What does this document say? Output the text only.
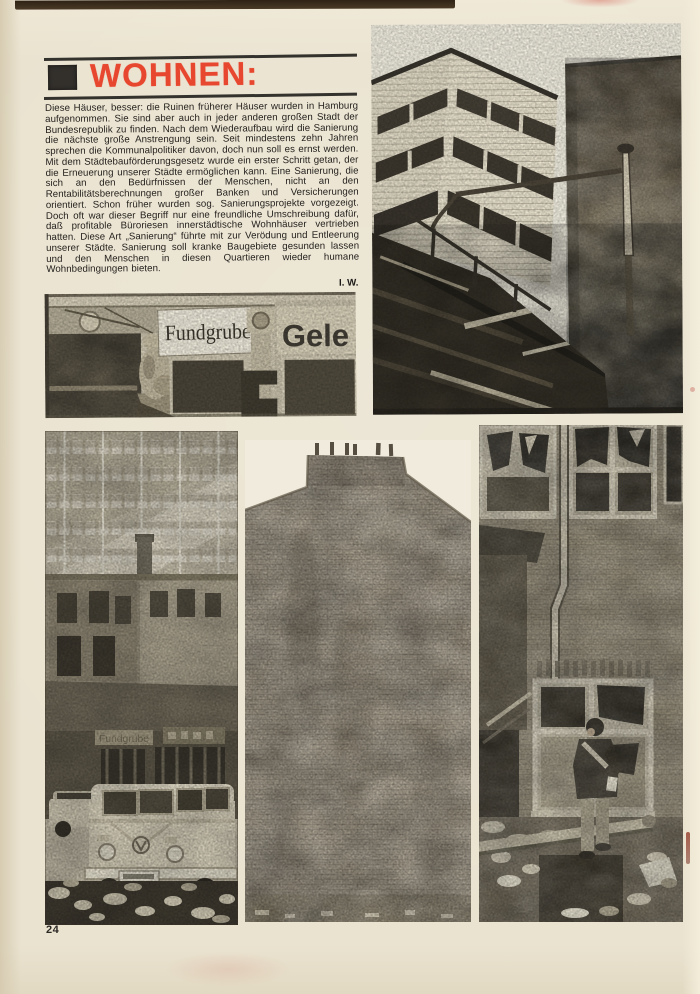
WOHNEN:

Diese Häuser, besser: die Ruinen früherer Häuser wurden in Hamburg aufgenommen. Sie sind aber auch in jeder anderen großen Stadt der Bundesrepublik zu finden. Nach dem Wiederaufbau wird die Sanierung die nächste große Anstrengung sein. Seit mindestens zehn Jahren sprechen die Kommunalpolitiker davon, doch nun soll es ernst werden. Mit dem Städtebauförderungsgesetz wurde ein erster Schritt getan, der die Erneuerung unserer Städte ermöglichen kann. Eine Sanierung, die sich an den Bedürfnissen der Menschen, nicht an den Rentabilitätsberechnungen großer Banken und Versicherungen orientiert. Schon früher wurden sog. Sanierungsprojekte vorgezeigt. Doch oft war dieser Begriff nur eine freundliche Umschreibung dafür, daß profitable Büroriesen innerstädtische Wohnhäuser vertrieben hatten. Diese Art „Sanierung“ führte mit zur Verödung und Entleerung unserer Städte. Sanierung soll kranke Baugebiete gesunden lassen und den Menschen in diesen Quartieren wieder humane Wohnbedingungen bieten.

I. W.
Fundgrube Gele
Fundgrube
24
